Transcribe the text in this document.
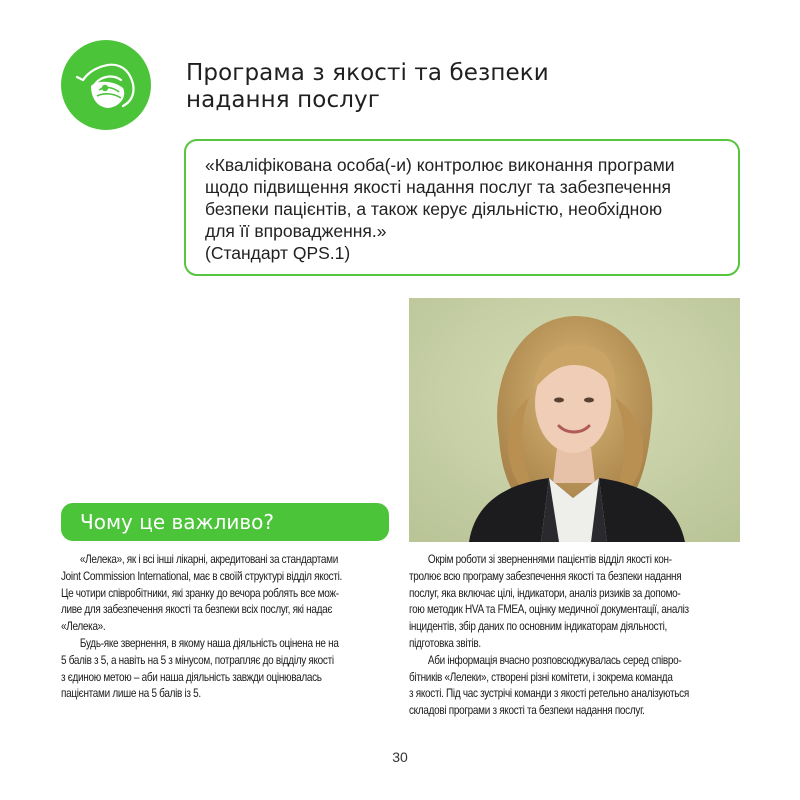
Програма з якості та безпеки
надання послуг
«Кваліфікована особа(-и) контролює виконання програми
щодо підвищення якості надання послуг та забезпечення
безпеки пацієнтів, а також керує діяльністю, необхідною
для її впровадження.»
(Стандарт QPS.1)
Чому це важливо?
«Лелека», як і всі інші лікарні, акредитовані за стандартами
Joint Commission International, має в своїй структурі відділ якості.
Це чотири співробітники, які зранку до вечора роблять все мож-
ливе для забезпечення якості та безпеки всіх послуг, які надає
«Лелека».
Будь-яке звернення, в якому наша діяльність оцінена не на
5 балів з 5, а навіть на 5 з мінусом, потрапляє до відділу якості
з єдиною метою – аби наша діяльність завжди оцінювалась
пацієнтами лише на 5 балів із 5.
Окрім роботи зі зверненнями пацієнтів відділ якості кон-
тролює всю програму забезпечення якості та безпеки надання
послуг, яка включає цілі, індикатори, аналіз ризиків за допомо-
гою методик HVA та FMEA, оцінку медичної документації, аналіз
інцидентів, збір даних по основним індикаторам діяльності,
підготовка звітів.
Аби інформація вчасно розповсюджувалась серед співро-
бітників «Лелеки», створені різні комітети, і зокрема команда
з якості. Під час зустрічі команди з якості ретельно аналізуються
складові програми з якості та безпеки надання послуг.
30
